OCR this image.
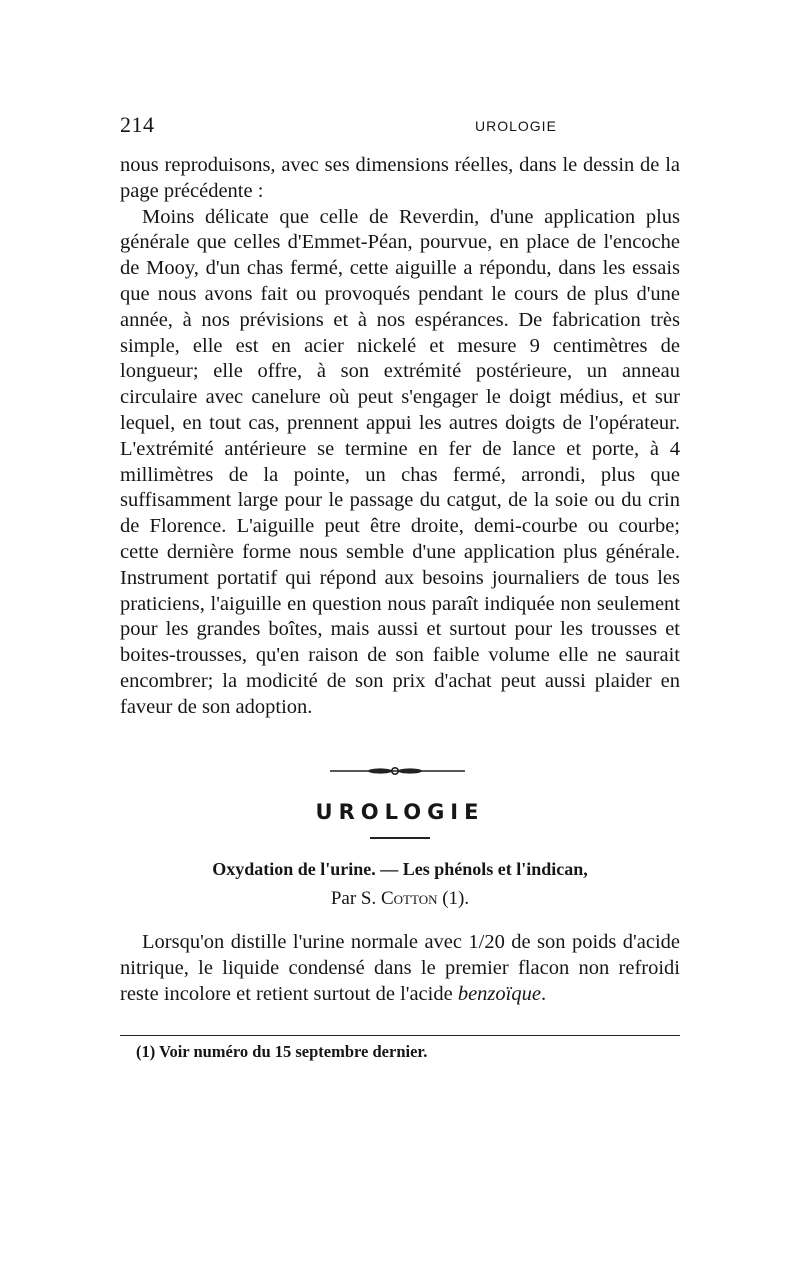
214	UROLOGIE

nous reproduisons, avec ses dimensions réelles, dans le dessin de la page précédente :

Moins délicate que celle de Reverdin, d'une application plus générale que celles d'Emmet-Péan, pourvue, en place de l'encoche de Mooy, d'un chas fermé, cette aiguille a répondu, dans les essais que nous avons fait ou provoqués pendant le cours de plus d'une année, à nos prévisions et à nos espérances. De fabrication très simple, elle est en acier nickelé et mesure 9 centimètres de longueur; elle offre, à son extrémité postérieure, un anneau circulaire avec canelure où peut s'engager le doigt médius, et sur lequel, en tout cas, prennent appui les autres doigts de l'opérateur. L'extrémité antérieure se termine en fer de lance et porte, à 4 millimètres de la pointe, un chas fermé, arrondi, plus que suffisamment large pour le passage du catgut, de la soie ou du crin de Florence. L'aiguille peut être droite, demi-courbe ou courbe; cette dernière forme nous semble d'une application plus générale. Instrument portatif qui répond aux besoins journaliers de tous les praticiens, l'aiguille en question nous paraît indiquée non seulement pour les grandes boîtes, mais aussi et surtout pour les trousses et boites-trousses, qu'en raison de son faible volume elle ne saurait encombrer; la modicité de son prix d'achat peut aussi plaider en faveur de son adoption.

UROLOGIE
Oxydation de l'urine. — Les phénols et l'indican,
Par S. Cotton (1).

Lorsqu'on distille l'urine normale avec 1/20 de son poids d'acide nitrique, le liquide condensé dans le premier flacon non refroidi reste incolore et retient surtout de l'acide benzoïque.

(1) Voir numéro du 15 septembre dernier.
